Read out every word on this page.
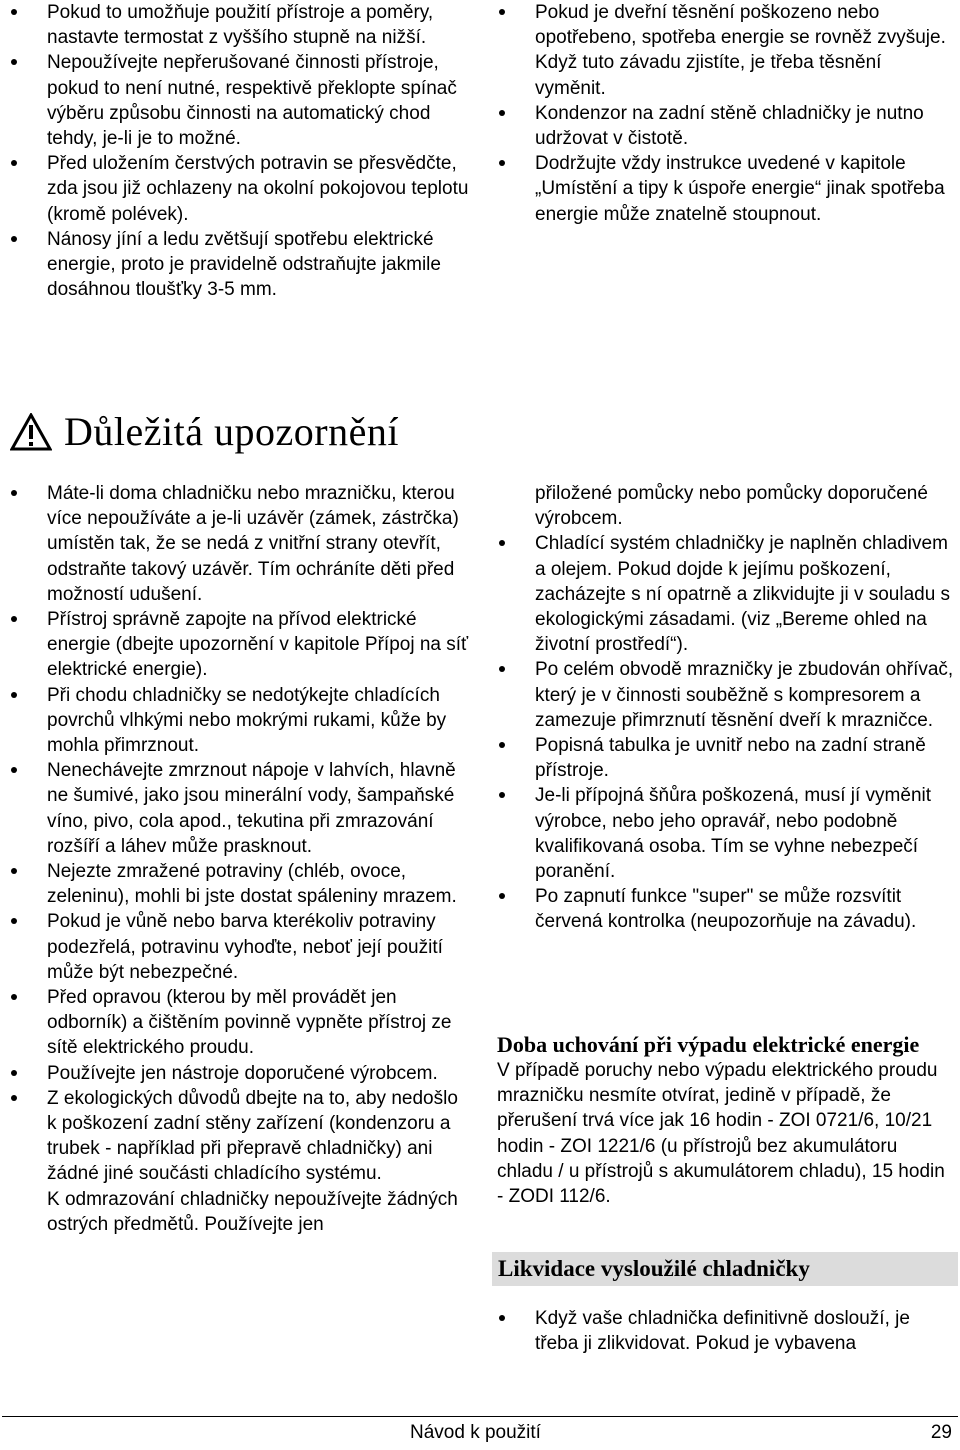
Pokud to umožňuje použití přístroje a poměry, nastavte termostat z vyššího stupně na nižší.
Nepoužívejte nepřerušované činnosti přístroje, pokud to není nutné, respektivě překlopte spínač výběru způsobu činnosti na automatický chod tehdy, je-li je to možné.
Před uložením čerstvých potravin se přesvědčte, zda jsou již ochlazeny na okolní pokojovou teplotu (kromě polévek).
Nánosy jíní a ledu zvětšují spotřebu elektrické energie, proto je pravidelně odstraňujte jakmile dosáhnou tloušťky 3-5 mm.
Pokud je dveřní těsnění poškozeno nebo opotřebeno, spotřeba energie se rovněž zvyšuje. Když tuto závadu zjistíte, je třeba těsnění vyměnit.
Kondenzor na zadní stěně chladničky je nutno udržovat v čistotě.
Dodržujte vždy instrukce uvedené v kapitole „Umístění a tipy k úspoře energie“ jinak spotřeba energie může znatelně stoupnout.
Důležitá upozornění
Máte-li doma chladničku nebo mrazničku, kterou více nepoužíváte a je-li uzávěr (zámek, zástrčka) umístěn tak, že se nedá z vnitřní strany otevřít, odstraňte takový uzávěr. Tím ochráníte děti před možností udušení.
Přístroj správně zapojte na přívod elektrické energie (dbejte upozornění v kapitole Přípoj na síť elektrické energie).
Při chodu chladničky se nedotýkejte chladících povrchů vlhkými nebo mokrými rukami, kůže by mohla přimrznout.
Nenechávejte zmrznout nápoje v lahvích, hlavně ne šumivé, jako jsou minerální vody, šampaňské víno, pivo, cola apod., tekutina při zmrazování rozšíří a láhev může prasknout.
Nejezte zmražené potraviny (chléb, ovoce, zeleninu), mohli bi jste dostat spáleniny mrazem.
Pokud je vůně nebo barva kterékoliv potraviny podezřelá, potravinu vyhoďte, neboť její použití může být nebezpečné.
Před opravou (kterou by měl provádět jen odborník) a čištěním povinně vypněte přístroj ze sítě elektrického proudu.
Používejte jen nástroje doporučené výrobcem.
Z ekologických důvodů dbejte na to, aby nedošlo k poškození zadní stěny zařízení (kondenzoru a trubek - například při přepravě chladničky) ani žádné jiné součásti chladícího systému.
K odmrazování chladničky nepoužívejte žádných ostrých předmětů. Používejte jen
přiložené pomůcky nebo pomůcky doporučené výrobcem.
Chladící systém chladničky je naplněn chladivem a olejem. Pokud dojde k jejímu poškození, zacházejte s ní opatrně a zlikvidujte ji v souladu s ekologickými zásadami. (viz „Bereme ohled na životní prostředí“).
Po celém obvodě mrazničky je zbudován ohřívač, který je v činnosti souběžně s kompresorem a zamezuje přimrznutí těsnění dveří k mrazničce.
Popisná tabulka je uvnitř nebo na zadní straně přístroje.
Je-li přípojná šňůra poškozená, musí jí vyměnit výrobce, nebo jeho opravář, nebo podobně kvalifikovaná osoba. Tím se vyhne nebezpečí poranění.
Po zapnutí funkce "super" se může rozsvítit červená kontrolka (neupozorňuje na závadu).
Doba uchování při výpadu elektrické energie
V případě poruchy nebo výpadu elektrického proudu mrazničku nesmíte otvírat, jedině v případě, že přerušení trvá více jak 16 hodin - ZOI 0721/6, 10/21 hodin - ZOI 1221/6 (u přístrojů bez akumulátoru chladu / u přístrojů s akumulátorem chladu), 15 hodin - ZODI 112/6.
Likvidace vysloužilé chladničky
Když vaše chladnička definitivně doslouží, je třeba ji zlikvidovat. Pokud je vybavena
Návod k použití	29
